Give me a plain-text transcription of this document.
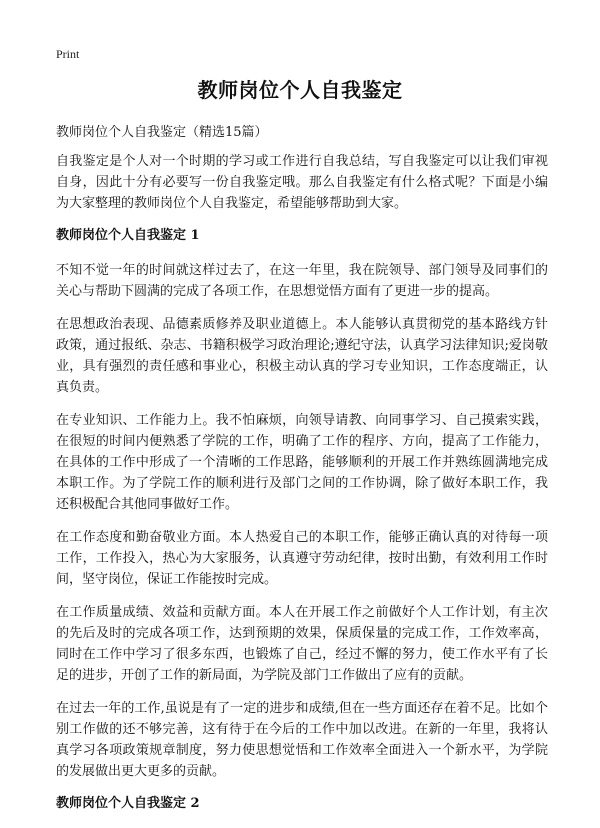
Print
教师岗位个人自我鉴定
教师岗位个人自我鉴定（精选15篇）

自我鉴定是个人对一个时期的学习或工作进行自我总结，写自我鉴定可以让我们审视自身，因此十分有必要写一份自我鉴定哦。那么自我鉴定有什么格式呢？下面是小编为大家整理的教师岗位个人自我鉴定，希望能够帮助到大家。

教师岗位个人自我鉴定 1

不知不觉一年的时间就这样过去了，在这一年里，我在院领导、部门领导及同事们的关心与帮助下圆满的完成了各项工作，在思想觉悟方面有了更进一步的提高。

在思想政治表现、品德素质修养及职业道德上。本人能够认真贯彻党的基本路线方针政策，通过报纸、杂志、书籍积极学习政治理论;遵纪守法，认真学习法律知识;爱岗敬业，具有强烈的责任感和事业心，积极主动认真的学习专业知识，工作态度端正，认真负责。

在专业知识、工作能力上。我不怕麻烦，向领导请教、向同事学习、自己摸索实践，在很短的时间内便熟悉了学院的工作，明确了工作的程序、方向，提高了工作能力，在具体的工作中形成了一个清晰的工作思路，能够顺利的开展工作并熟练圆满地完成本职工作。为了学院工作的顺利进行及部门之间的工作协调，除了做好本职工作，我还积极配合其他同事做好工作。

在工作态度和勤奋敬业方面。本人热爱自己的本职工作，能够正确认真的对待每一项工作，工作投入，热心为大家服务，认真遵守劳动纪律，按时出勤，有效利用工作时间，坚守岗位，保证工作能按时完成。

在工作质量成绩、效益和贡献方面。本人在开展工作之前做好个人工作计划，有主次的先后及时的完成各项工作，达到预期的效果，保质保量的完成工作，工作效率高，同时在工作中学习了很多东西，也锻炼了自己，经过不懈的努力，使工作水平有了长足的进步，开创了工作的新局面，为学院及部门工作做出了应有的贡献。

在过去一年的工作,虽说是有了一定的进步和成绩,但在一些方面还存在着不足。比如个别工作做的还不够完善，这有待于在今后的工作中加以改进。在新的一年里，我将认真学习各项政策规章制度，努力使思想觉悟和工作效率全面进入一个新水平，为学院的发展做出更大更多的贡献。

教师岗位个人自我鉴定 2
